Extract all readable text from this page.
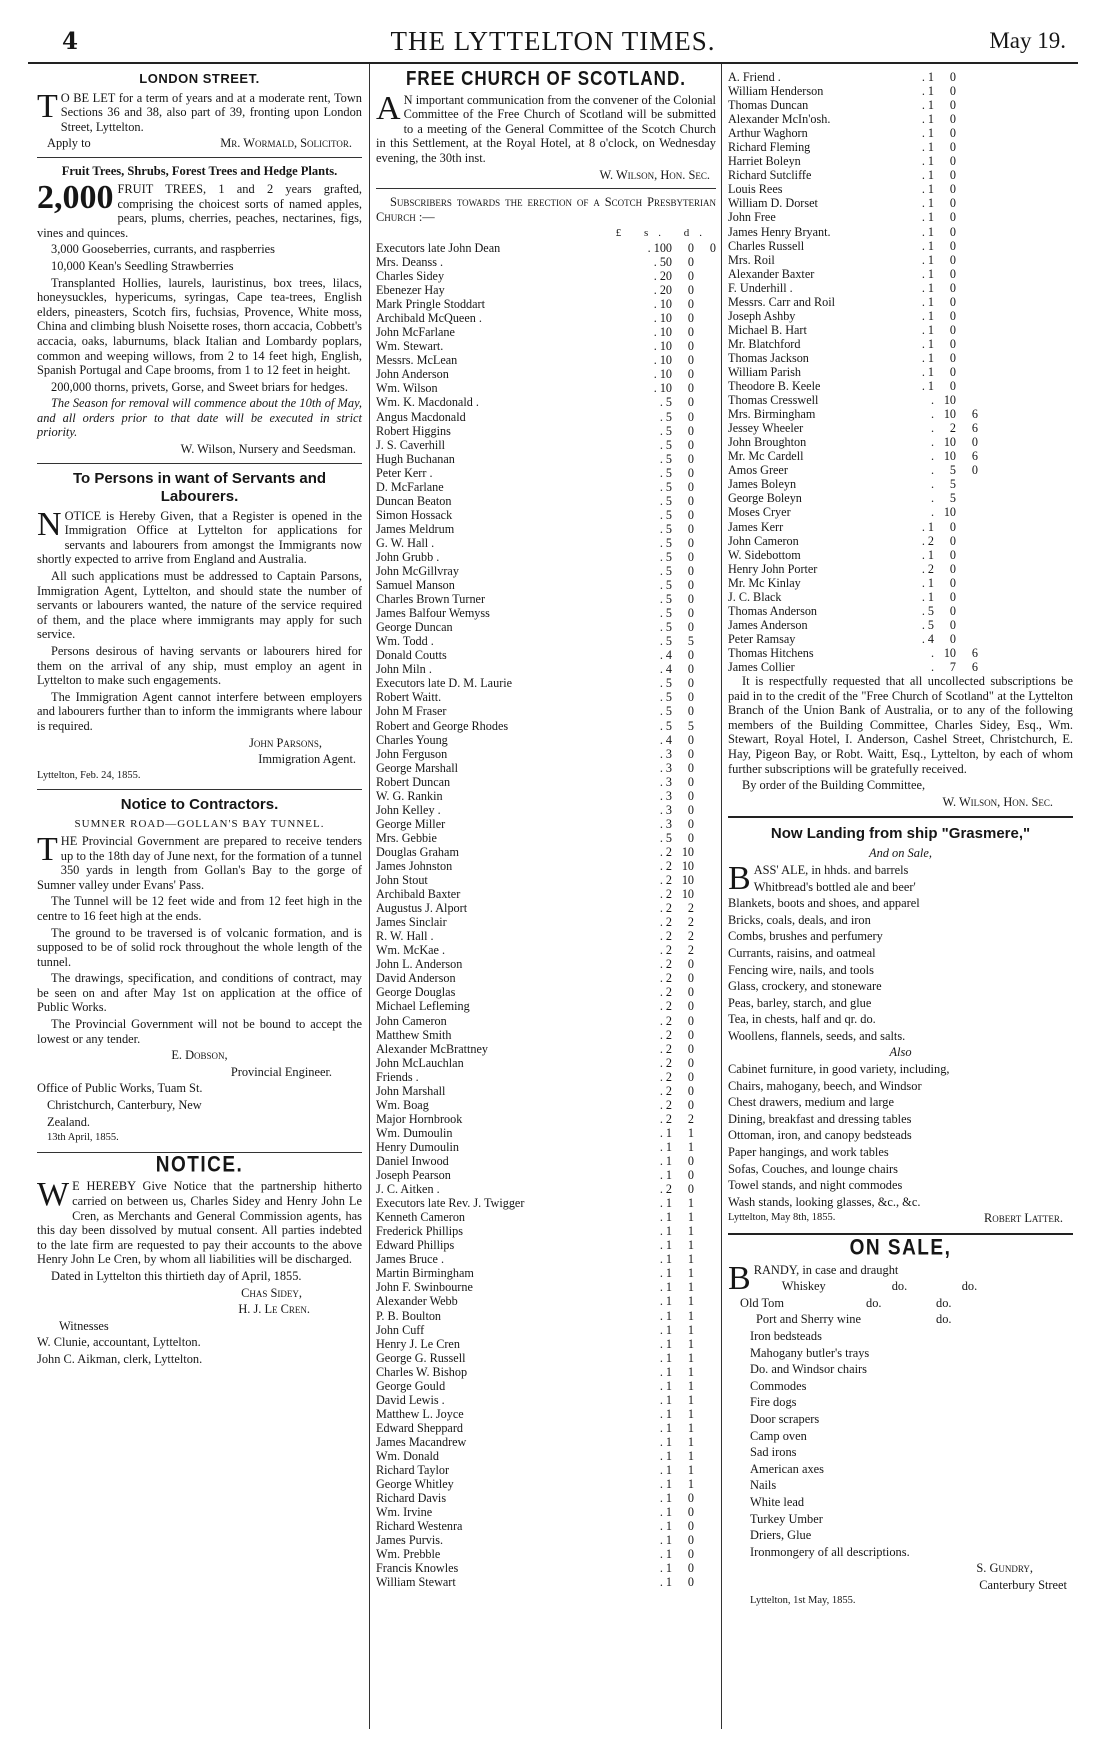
4	THE LYTTELTON TIMES.	May 19.
LONDON STREET.

T O BE LET for a term of years and at a moderate rent, Town Sections 36 and 38, also part of 39, fronting upon London Street, Lyttelton.

Apply to	Mr. Wormald, Solicitor.

Fruit Trees, Shrubs, Forest Trees and Hedge Plants.

2,000 FRUIT TREES, 1 and 2 years grafted, comprising the choicest sorts of named apples, pears, plums, cherries, peaches, nectarines, figs, vines and quinces.

3,000 Gooseberries, currants, and raspberries

10,000 Kean's Seedling Strawberries

Transplanted Hollies, laurels, lauristinus, box trees, lilacs, honeysuckles, hypericums, syringas, Cape tea-trees, English elders, pineasters, Scotch firs, fuchsias, Provence, White moss, China and climbing blush Noisette roses, thorn accacia, Cobbett's accacia, oaks, laburnums, black Italian and Lombardy poplars, common and weeping willows, from 2 to 14 feet high, English, Spanish Portugal and Cape brooms, from 1 to 12 feet in height.

200,000 thorns, privets, Gorse, and Sweet briars for hedges.

The Season for removal will commence about the 10th of May, and all orders prior to that date will be executed in strict priority.

W. Wilson, Nursery and Seedsman.

To Persons in want of Servants and Labourers.

NOTICE is Hereby Given, that a Register is opened in the Immigration Office at Lyttelton for applications for servants and labourers from amongst the Immigrants now shortly expected to arrive from England and Australia.

All such applications must be addressed to Captain Parsons, Immigration Agent, Lyttelton, and should state the number of servants or labourers wanted, the nature of the service required of them, and the place where immigrants may apply for such service.

Persons desirous of having servants or labourers hired for them on the arrival of any ship, must employ an agent in Lyttelton to make such engagements.

The Immigration Agent cannot interfere between employers and labourers further than to inform the immigrants where labour is required.

John Parsons,

Immigration Agent.

Lyttelton, Feb. 24, 1855.

Notice to Contractors.
SUMNER ROAD—GOLLAN'S BAY TUNNEL.

THE Provincial Government are prepared to receive tenders up to the 18th day of June next, for the formation of a tunnel 350 yards in length from Gollan's Bay to the gorge of Sumner valley under Evans' Pass.

The Tunnel will be 12 feet wide and from 12 feet high in the centre to 16 feet high at the ends.

The ground to be traversed is of volcanic formation, and is supposed to be of solid rock throughout the whole length of the tunnel.

The drawings, specification, and conditions of contract, may be seen on and after May 1st on application at the office of Public Works.

The Provincial Government will not be bound to accept the lowest or any tender.

E. Dobson,

Provincial Engineer.

Office of Public Works, Tuam St.

Christchurch, Canterbury, New

Zealand.

13th April, 1855.

NOTICE.

W E HEREBY Give Notice that the partnership hitherto carried on between us, Charles Sidey and Henry John Le Cren, as Merchants and General Commission agents, has this day been dissolved by mutual consent. All parties indebted to the late firm are requested to pay their accounts to the above Henry John Le Cren, by whom all liabilities will be discharged.

Dated in Lyttelton this thirtieth day of April, 1855.

Chas Sidey,

H. J. Le Cren.

Witnesses

W. Clunie, accountant, Lyttelton.

John C. Aikman, clerk, Lyttelton.

FREE CHURCH OF SCOTLAND.

A N important communication from the convener of the Colonial Committee of the Free Church of Scotland will be submitted to a meeting of the General Committee of the Scotch Church in this Settlement, at the Royal Hotel, at 8 o'clock, on Wednesday evening, the 30th inst.

W. Wilson, Hon. Sec.

Subscribers towards the erection of a Scotch Presbyterian Church :—

£ s. d.
Executors late John Dean	. 100	0	0
Mrs. Deanss .	. 50	0	
Charles Sidey	. 20	0	
Ebenezer Hay	. 20	0	
Mark Pringle Stoddart	. 10	0	
Archibald McQueen .	. 10	0	
John McFarlane	. 10	0	
Wm. Stewart.	. 10	0	
Messrs. McLean	. 10	0	
John Anderson	. 10	0	
Wm. Wilson	. 10	0	
Wm. K. Macdonald .	. 5	0	
Angus Macdonald	. 5	0	
Robert Higgins	. 5	0	
J. S. Caverhill	. 5	0	
Hugh Buchanan	. 5	0	
Peter Kerr .	. 5	0	
D. McFarlane	. 5	0	
Duncan Beaton	. 5	0	
Simon Hossack	. 5	0	
James Meldrum	. 5	0	
G. W. Hall .	. 5	0	
John Grubb .	. 5	0	
John McGillvray	. 5	0	
Samuel Manson	. 5	0	
Charles Brown Turner	. 5	0	
James Balfour Wemyss	. 5	0	
George Duncan	. 5	0	
Wm. Todd .	. 5	5	
Donald Coutts	. 4	0	
John Miln .	. 4	0	
Executors late D. M. Laurie	. 5	0	
Robert Waitt.	. 5	0	
John M Fraser	. 5	0	
Robert and George Rhodes	. 5	5	
Charles Young	. 4	0	
John Ferguson	. 3	0	
George Marshall	. 3	0	
Robert Duncan	. 3	0	
W. G. Rankin	. 3	0	
John Kelley .	. 3	0	
George Miller	. 3	0	
Mrs. Gebbie	. 5	0	
Douglas Graham	. 2	10	
James Johnston	. 2	10	
John Stout	. 2	10	
Archibald Baxter	. 2	10	
Augustus J. Alport	. 2	2	
James Sinclair	. 2	2	
R. W. Hall .	. 2	2	
Wm. McKae .	. 2	2	
John L. Anderson	. 2	0	
David Anderson	. 2	0	
George Douglas	. 2	0	
Michael Lefleming	. 2	0	
John Cameron	. 2	0	
Matthew Smith	. 2	0	
Alexander McBrattney	. 2	0	
John McLauchlan	. 2	0	
Friends .	. 2	0	
John Marshall	. 2	0	
Wm. Boag	. 2	0	
Major Hornbrook	. 2	2	
Wm. Dumoulin	. 1	1	
Henry Dumoulin	. 1	1	
Daniel Inwood	. 1	0	
Joseph Pearson	. 1	0	
J. C. Aitken .	. 2	0	
Executors late Rev. J. Twigger	. 1	1	
Kenneth Cameron	. 1	1	
Frederick Phillips	. 1	1	
Edward Phillips	. 1	1	
James Bruce .	. 1	1	
Martin Birmingham	. 1	1	
John F. Swinbourne	. 1	1	
Alexander Webb	. 1	1	
P. B. Boulton	. 1	1	
John Cuff	. 1	1	
Henry J. Le Cren	. 1	1	
George G. Russell	. 1	1	
Charles W. Bishop	. 1	1	
George Gould	. 1	1	
David Lewis .	. 1	1	
Matthew L. Joyce	. 1	1	
Edward Sheppard	. 1	1	
James Macandrew	. 1	1	
Wm. Donald	. 1	1	
Richard Taylor	. 1	1	
George Whitley	. 1	1	
Richard Davis	. 1	0	
Wm. Irvine	. 1	0	
Richard Westenra	. 1	0	
James Purvis.	. 1	0	
Wm. Prebble	. 1	0	
Francis Knowles	. 1	0	
William Stewart	. 1	0	
A. Friend .	. 1	0	
William Henderson	. 1	0	
Thomas Duncan	. 1	0	
Alexander McIn'osh.	. 1	0	
Arthur Waghorn	. 1	0	
Richard Fleming	. 1	0	
Harriet Boleyn	. 1	0	
Richard Sutcliffe	. 1	0	
Louis Rees	. 1	0	
William D. Dorset	. 1	0	
John Free	. 1	0	
James Henry Bryant.	. 1	0	
Charles Russell	. 1	0	
Mrs. Roil	. 1	0	
Alexander Baxter	. 1	0	
F. Underhill .	. 1	0	
Messrs. Carr and Roil	. 1	0	
Joseph Ashby	. 1	0	
Michael B. Hart	. 1	0	
Mr. Blatchford	. 1	0	
Thomas Jackson	. 1	0	
William Parish	. 1	0	
Theodore B. Keele	. 1	0	
Thomas Cresswell	.	10	
Mrs. Birmingham	.	10	6
Jessey Wheeler	.	2	6
John Broughton	.	10	0
Mr. Mc Cardell	.	10	6
Amos Greer	.	5	0
James Boleyn	.	5	
George Boleyn	.	5	
Moses Cryer	.	10	
James Kerr	. 1	0	
John Cameron	. 2	0	
W. Sidebottom	. 1	0	
Henry John Porter	. 2	0	
Mr. Mc Kinlay	. 1	0	
J. C. Black	. 1	0	
Thomas Anderson	. 5	0	
James Anderson	. 5	0	
Peter Ramsay	. 4	0	
Thomas Hitchens	.	10	6
James Collier	.	7	6

It is respectfully requested that all uncollected subscriptions be paid in to the credit of the "Free Church of Scotland" at the Lyttelton Branch of the Union Bank of Australia, or to any of the following members of the Building Committee, Charles Sidey, Esq., Wm. Stewart, Royal Hotel, I. Anderson, Cashel Street, Christchurch, E. Hay, Pigeon Bay, or Robt. Waitt, Esq., Lyttelton, by each of whom further subscriptions will be gratefully received.

By order of the Building Committee,

W. Wilson, Hon. Sec.

Now Landing from ship "Grasmere,"

And on Sale,

BASS' ALE, in hhds. and barrels

Whitbread's bottled ale and beer'

Blankets, boots and shoes, and apparel

Bricks, coals, deals, and iron

Combs, brushes and perfumery

Currants, raisins, and oatmeal

Fencing wire, nails, and tools

Glass, crockery, and stoneware

Peas, barley, starch, and glue

Tea, in chests, half and qr. do.

Woollens, flannels, seeds, and salts.

Also

Cabinet furniture, in good variety, including,

Chairs, mahogany, beech, and Windsor

Chest drawers, medium and large

Dining, breakfast and dressing tables

Ottoman, iron, and canopy bedsteads

Paper hangings, and work tables

Sofas, Couches, and lounge chairs

Towel stands, and night commodes

Wash stands, looking glasses, &c., &c.

Lyttelton, May 8th, 1855.	Robert Latter.

ON SALE,

BRANDY, in case and draught

Whiskey	do.	do.

Old Tom	do.	do.

Port and Sherry wine	do.

Iron bedsteads

Mahogany butler's trays

Do. and Windsor chairs

Commodes

Fire dogs

Door scrapers

Camp oven

Sad irons

American axes

Nails

White lead

Turkey Umber

Driers, Glue

Ironmongery of all descriptions.

S. Gundry,

Canterbury Street

Lyttelton, 1st May, 1855.
